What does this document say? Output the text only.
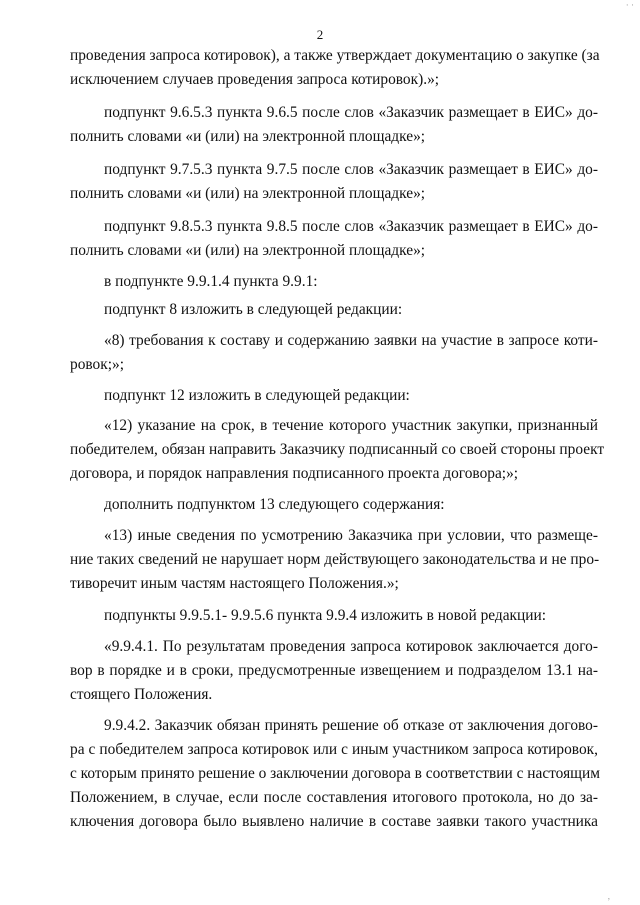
2
проведения запроса котировок), а также утверждает документацию о закупке (за
исключением случаев проведения запроса котировок).»;
подпункт 9.6.5.3 пункта 9.6.5 после слов «Заказчик размещает в ЕИС» до-
полнить словами «и (или) на электронной площадке»;
подпункт 9.7.5.3 пункта 9.7.5 после слов «Заказчик размещает в ЕИС» до-
полнить словами «и (или) на электронной площадке»;
подпункт 9.8.5.3 пункта 9.8.5 после слов «Заказчик размещает в ЕИС» до-
полнить словами «и (или) на электронной площадке»;
в подпункте 9.9.1.4 пункта 9.9.1:
подпункт 8 изложить в следующей редакции:
«8) требования к составу и содержанию заявки на участие в запросе коти-
ровок;»;
подпункт 12 изложить в следующей редакции:
«12) указание на срок, в течение которого участник закупки, признанный
победителем, обязан направить Заказчику подписанный со своей стороны проект
договора, и порядок направления подписанного проекта договора;»;
дополнить подпунктом 13 следующего содержания:
«13) иные сведения по усмотрению Заказчика при условии, что размеще-
ние таких сведений не нарушает норм действующего законодательства и не про-
тиворечит иным частям настоящего Положения.»;
подпункты 9.9.5.1- 9.9.5.6 пункта 9.9.4 изложить в новой редакции:
«9.9.4.1. По результатам проведения запроса котировок заключается дого-
вор в порядке и в сроки, предусмотренные извещением и подразделом 13.1 на-
стоящего Положения.
9.9.4.2. Заказчик обязан принять решение об отказе от заключения догово-
ра с победителем запроса котировок или с иным участником запроса котировок,
с которым принято решение о заключении договора в соответствии с настоящим
Положением, в случае, если после составления итогового протокола, но до за-
ключения договора было выявлено наличие в составе заявки такого участника
· ·
,
